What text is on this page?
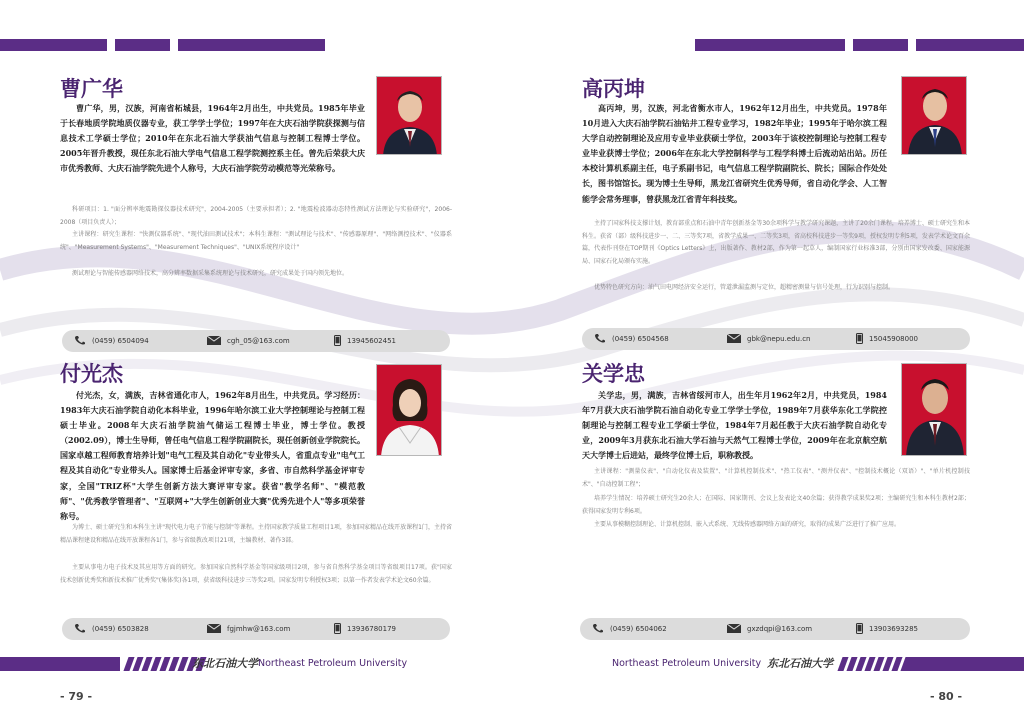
曹广华
曹广华，男，汉族，河南省柘城县，1964年2月出生，中共党员。1985年毕业于长春地质学院地质仪器专业，获工学学士学位；1997年在大庆石油学院获探测与信息技术工学硕士学位；2010年在东北石油大学获油气信息与控制工程博士学位。2005年晋升教授，现任东北石油大学电气信息工程学院测控系主任。曾先后荣获大庆市优秀教师、大庆石油学院先进个人称号，大庆石油学院劳动模范等光荣称号。
科研项目：1. "面分辨率地震勘探仪器技术研究"，2004-2005（主要承担者）；2. "地震检波器动态特性测试方法理论与实验研究"，2006-2008（项目负责人）；
主讲课程：研究生课程："快测仪器系统"、"现代油田测试技术"；本科生课程："测试理论与技术"、"传感器原理"、"网络测控技术"、"仪器系统"、"Measurement Systems"、"Measurement Techniques"、"UNIX系统程序设计"
测试理论与智能传感器网络技术，高分辨率数据采集系统理论与技术研究，研究成果处于国内领先地位。
(0459) 6504094	cgh_05@163.com	13945602451
付光杰
付光杰，女，满族，吉林省通化市人，1962年8月出生，中共党员。学习经历：1983年大庆石油学院自动化本科毕业，1996年哈尔滨工业大学控制理论与控制工程硕士毕业。2008年大庆石油学院油气储运工程博士毕业，博士学位。教授（2002.09），博士生导师，曾任电气信息工程学院副院长，现任创新创业学院院长。国家卓越工程师教育培养计划"电气工程及其自动化"专业带头人，省重点专业"电气工程及其自动化"专业带头人。国家博士后基金评审专家，多省、市自然科学基金评审专家，全国"TRIZ杯"大学生创新方法大赛评审专家。获省"教学名师"、"模范教师"、"优秀教学管理者"、"互联网+"大学生创新创业大赛"优秀先进个人"等多项荣誉称号。
为博士、硕士研究生和本科生主讲"现代电力电子节能与控制"等课程。主持国家教学质量工程项目1项，参加国家精品在线开放课程1门，主持省精品课程建设和精品在线开放课程各1门，参与省级教改项目21项，主编教材、著作3部。
主要从事电力电子技术及其应用等方面的研究。参加国家自然科学基金等国家级项目2项，参与省自然科学基金项目等省级项目17项。获"国家技术创新优秀奖和新技术推广优秀奖"(集体奖)各1项，获省级科技进步三等奖2项。国家发明专利授权3项；以第一作者发表学术论文60余篇。
(0459) 6503828	fgjmhw@163.com	13936780179
高丙坤
高丙坤，男，汉族，河北省衡水市人，1962年12月出生，中共党员。1978年10月进入大庆石油学院石油钻井工程专业学习，1982年毕业；1995年于哈尔滨工程大学自动控制理论及应用专业毕业获硕士学位，2003年于该校控制理论与控制工程专业毕业获博士学位；2006年在东北大学控制科学与工程学科博士后流动站出站。历任本校计算机系副主任，电子系副书记，电气信息工程学院副院长、院长；国际合作处处长，图书馆馆长。现为博士生导师，黑龙江省研究生优秀导师，省自动化学会、人工智能学会常务理事，曾获黑龙江省青年科技奖。
主持了国家科技支撑计划，教育部重点和石油中青年创新基金等30余项科学与教学研究课题，主讲了20余门课程，培养博士、硕士研究生和本科生。获省（部）级科技进步一、二、三等奖7项，省教学成果一、二等奖3项，省高校科技进步一等奖9项，授权发明专利5项，发表学术论文百余篇，代表作刊登在TOP期刊《Optics Letters》上，出版著作、教材2部，作为第一起草人，编制国家行业标准3部，分别由国家发改委、国家能源局、国家石化局颁布实施。
优势特色研究方向：油气田电网经济安全运行，管道泄漏监测与定位，超精密测量与信号处理，行为识别与控制。
(0459) 6504568	gbk@nepu.edu.cn	15045908000
关学忠
关学忠，男，满族，吉林省绥河市人，出生年月1962年2月，中共党员，1984年7月获大庆石油学院石油自动化专业工学学士学位，1989年7月获华东化工学院控制理论与控制工程专业工学硕士学位，1984年7月起任教于大庆石油学院自动化专业，2009年3月获东北石油大学石油与天然气工程博士学位，2009年在北京航空航天大学博士后进站，最终学位博士后，职称教授。
主讲课程："测量仪表"、"自动化仪表及装置"、"计算机控制技术"、"热工仪表"、"测井仪表"、"控制技术概论（双语）"、"单片机控制技术"、"自动控制工程"；
培养学生情况：培养硕士研究生20余人；在国际、国家期刊、会议上发表论文40余篇；获得教学成果奖2项；主编研究生和本科生教材2部；获得国家发明专利6项。
主要从事模糊控制理论、计算机控制、嵌入式系统、无线传感器网络方面的研究，取得的成果广泛进行了推广应用。
(0459) 6504062	gxzdqpi@163.com	13903693285
东北石油大学 Northeast Petroleum University	Northeast Petroleum University 东北石油大学
- 79 -	- 80 -
